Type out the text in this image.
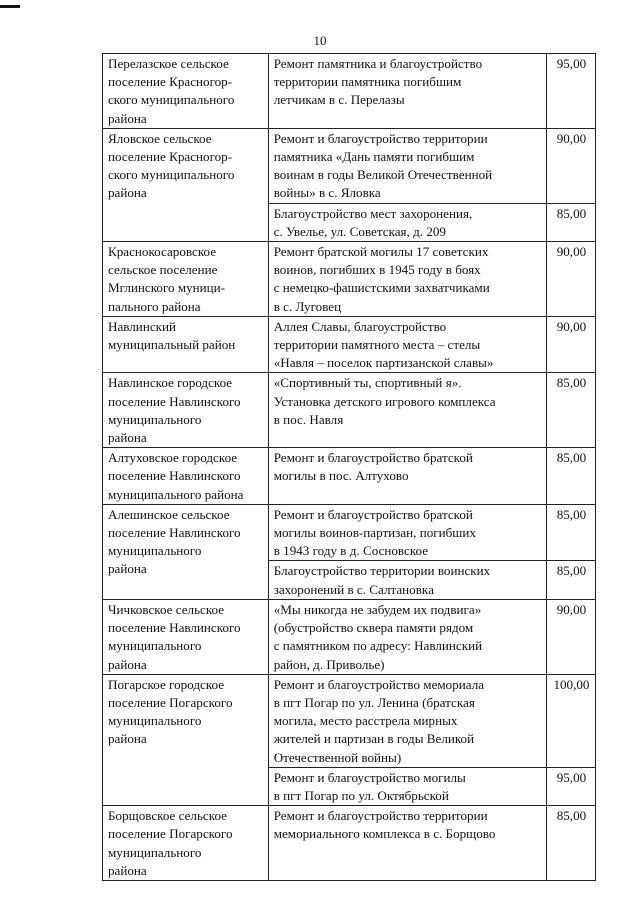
10
Перелазское сельское
поселение Красногор-
ского муниципального
района	Ремонт памятника и благоустройство
территории памятника погибшим
летчикам в с. Перелазы	95,00
Яловское сельское
поселение Красногор-
ского муниципального
района	Ремонт и благоустройство территории
памятника «Дань памяти погибшим
воинам в годы Великой Отечественной
войны» в с. Яловка	90,00
	Благоустройство мест захоронения,
с. Увелье, ул. Советская, д. 209	85,00
Краснокосаровское
сельское поселение
Мглинского муници-
пального района	Ремонт братской могилы 17 советских
воинов, погибших в 1945 году в боях
с немецко-фашистскими захватчиками
в с. Луговец	90,00
Навлинский
муниципальный район	Аллея Славы, благоустройство
территории памятного места – стелы
«Навля – поселок партизанской славы»	90,00
Навлинское городское
поселение Навлинского
муниципального
района	«Спортивный ты, спортивный я».
Установка детского игрового комплекса
в пос. Навля	85,00
Алтуховское городское
поселение Навлинского
муниципального района	Ремонт и благоустройство братской
могилы в пос. Алтухово	85,00
Алешинское сельское
поселение Навлинского
муниципального
района	Ремонт и благоустройство братской
могилы воинов-партизан, погибших
в 1943 году в д. Сосновское	85,00
	Благоустройство территории воинских
захоронений в с. Салтановка	85,00
Чичковское сельское
поселение Навлинского
муниципального
района	«Мы никогда не забудем их подвига»
(обустройство сквера памяти рядом
с памятником по адресу: Навлинский
район, д. Приволье)	90,00
Погарское городское
поселение Погарского
муниципального
района	Ремонт и благоустройство мемориала
в пгт Погар по ул. Ленина (братская
могила, место расстрела мирных
жителей и партизан в годы Великой
Отечественной войны)	100,00
	Ремонт и благоустройство могилы
в пгт Погар по ул. Октябрьской	95,00
Борщовское сельское
поселение Погарского
муниципального
района	Ремонт и благоустройство территории
мемориального комплекса в с. Борщово	85,00
